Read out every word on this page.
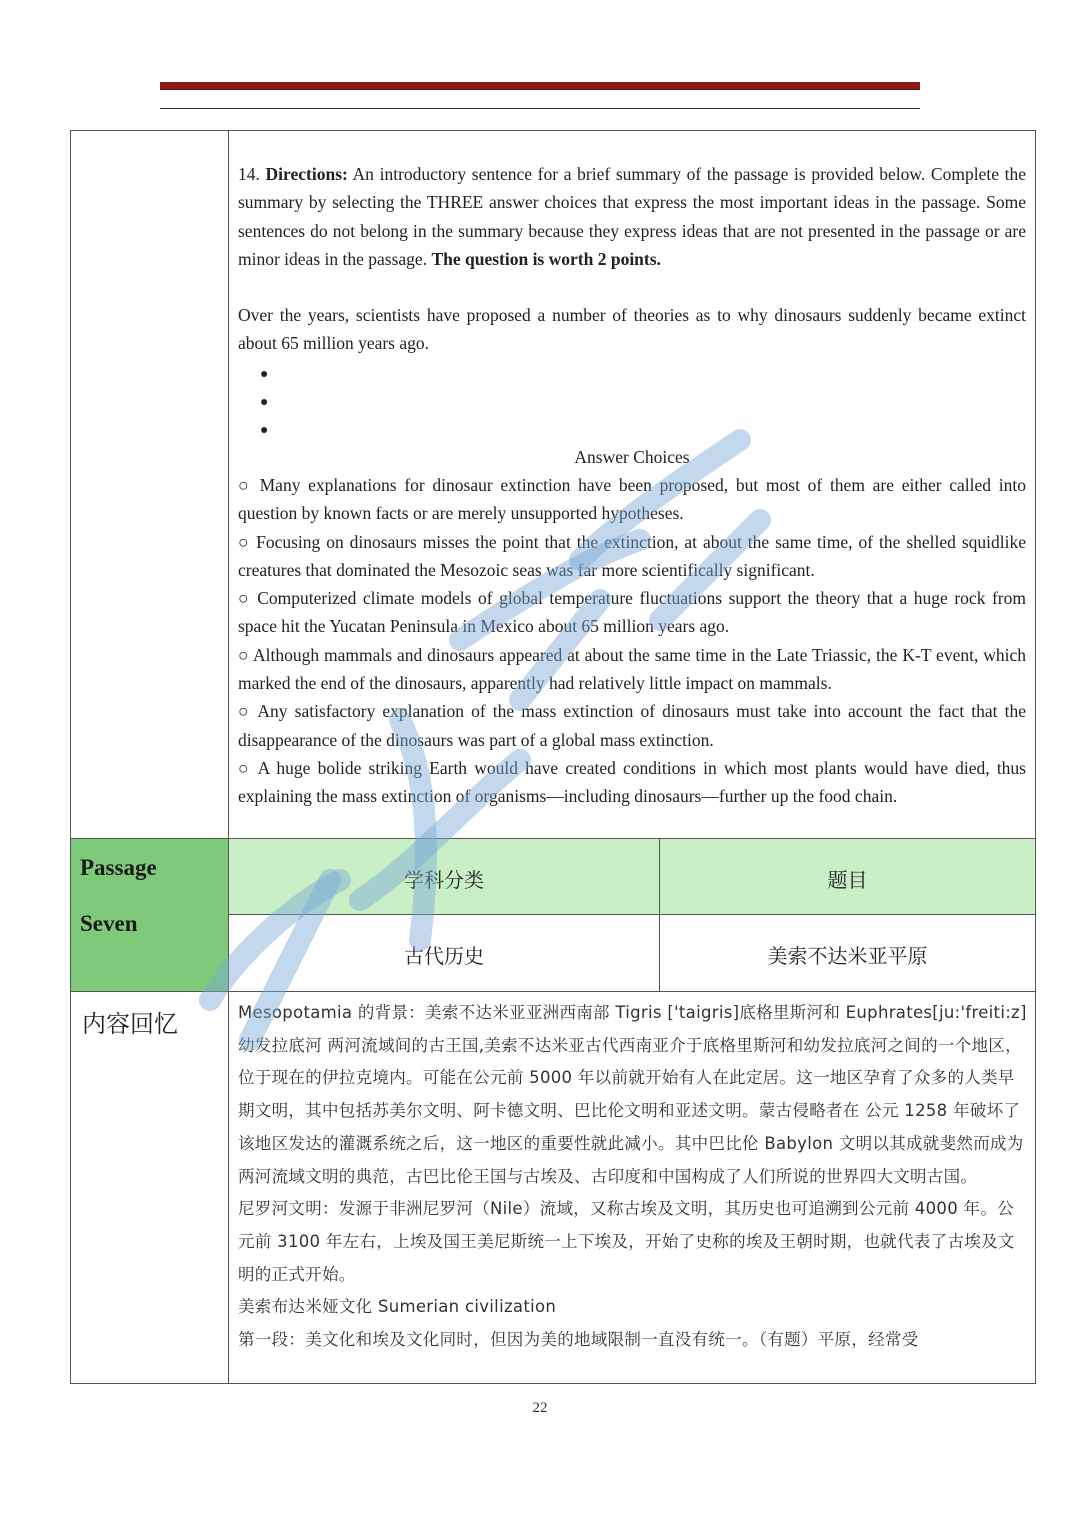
14. Directions: An introductory sentence for a brief summary of the passage is provided below. Complete the summary by selecting the THREE answer choices that express the most important ideas in the passage. Some sentences do not belong in the summary because they express ideas that are not presented in the passage or are minor ideas in the passage. The question is worth 2 points.

Over the years, scientists have proposed a number of theories as to why dinosaurs suddenly became extinct about 65 million years ago.

●
●
●

Answer Choices

○ Many explanations for dinosaur extinction have been proposed, but most of them are either called into question by known facts or are merely unsupported hypotheses.

○ Focusing on dinosaurs misses the point that the extinction, at about the same time, of the shelled squidlike creatures that dominated the Mesozoic seas was far more scientifically significant.

○ Computerized climate models of global temperature fluctuations support the theory that a huge rock from space hit the Yucatan Peninsula in Mexico about 65 million years ago.

○ Although mammals and dinosaurs appeared at about the same time in the Late Triassic, the K-T event, which marked the end of the dinosaurs, apparently had relatively little impact on mammals.

○ Any satisfactory explanation of the mass extinction of dinosaurs must take into account the fact that the disappearance of the dinosaurs was part of a global mass extinction.

○ A huge bolide striking Earth would have created conditions in which most plants would have died, thus explaining the mass extinction of organisms—including dinosaurs—further up the food chain.

Passage
Seven
学科分类	题目
古代历史	美索不达米亚平原
内容回忆	Mesopotamia 的背景：美索不达米亚亚洲西南部 Tigris ['taigris]底格里斯河和 Euphrates[ju:'freiti:z] 幼发拉底河 两河流域间的古王国,美索不达米亚古代西南亚介于底格里斯河和幼发拉底河之间的一个地区，位于现在的伊拉克境内。可能在公元前 5000 年以前就开始有人在此定居。这一地区孕育了众多的人类早期文明，其中包括苏美尔文明、阿卡德文明、巴比伦文明和亚述文明。蒙古侵略者在 公元 1258 年破坏了该地区发达的灌溉系统之后，这一地区的重要性就此减小。其中巴比伦 Babylon 文明以其成就斐然而成为两河流域文明的典范，古巴比伦王国与古埃及、古印度和中国构成了人们所说的世界四大文明古国。

尼罗河文明：发源于非洲尼罗河（Nile）流域，又称古埃及文明，其历史也可追溯到公元前 4000 年。公元前 3100 年左右，上埃及国王美尼斯统一上下埃及，开始了史称的埃及王朝时期，也就代表了古埃及文明的正式开始。

美索布达米娅文化 Sumerian civilization

第一段：美文化和埃及文化同时，但因为美的地域限制一直没有统一。（有题）平原，经常受

22
